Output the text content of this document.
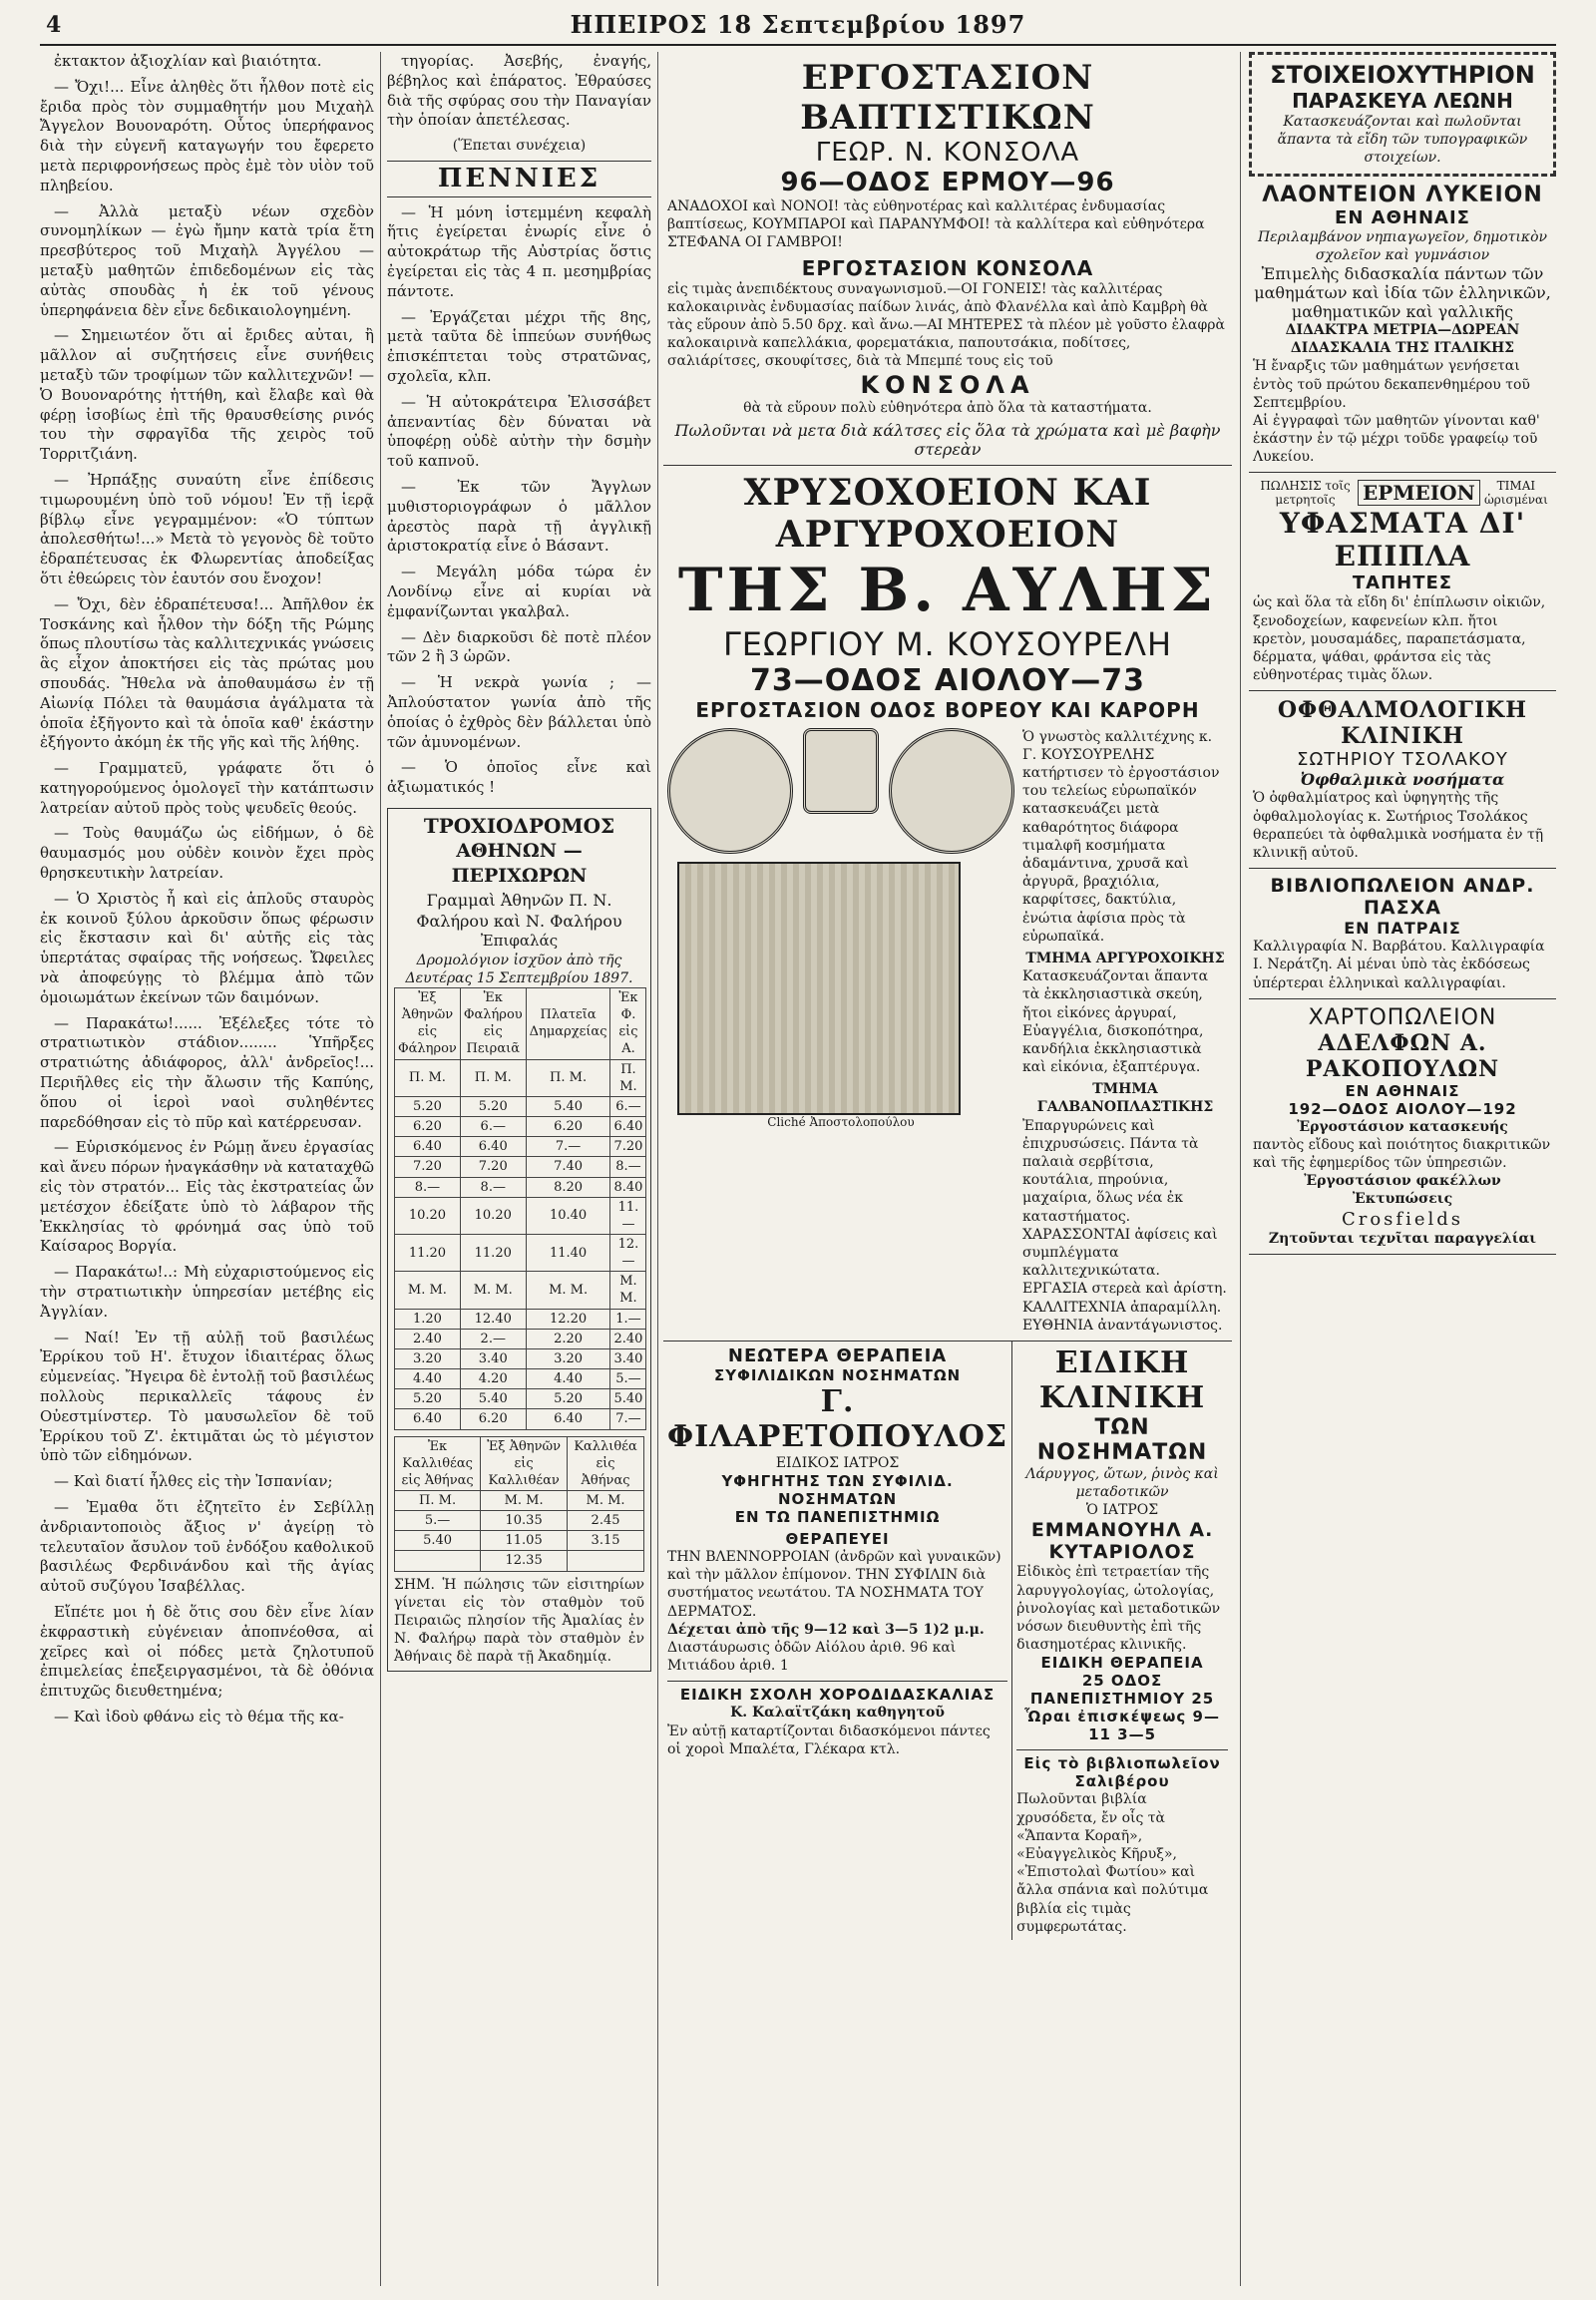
4	ΗΠΕΙΡΟΣ 18 Σεπτεμβρίου 1897

ἐκτακτον ἀξιοχλίαν καὶ βιαιότητα.

— Ὄχι!... Εἶνε ἀληθὲς ὅτι ἦλθον ποτὲ εἰς ἔριδα πρὸς τὸν συμμαθητήν μου Μιχαὴλ Ἄγγελον Βουοναρότη. Οὗτος ὑπερήφανος διὰ τὴν εὐγενῆ καταγωγήν του ἔφερετο μετὰ περιφρονήσεως πρὸς ἐμὲ τὸν υἱὸν τοῦ πληβείου.

— Ἀλλὰ μεταξὺ νέων σχεδὸν συνομηλίκων — ἐγὼ ἤμην κατὰ τρία ἔτη πρεσβύτερος τοῦ Μιχαὴλ Ἀγγέλου — μεταξὺ μαθητῶν ἐπιδεδομένων εἰς τὰς αὐτὰς σπουδὰς ἡ ἐκ τοῦ γένους ὑπερηφάνεια δὲν εἶνε δεδικαιολογημένη.

— Σημειωτέον ὅτι αἱ ἔριδες αὐται, ἢ μᾶλλον αἱ συζητήσεις εἶνε συνήθεις μεταξὺ τῶν τροφίμων τῶν καλλιτεχνῶν! — Ὁ Βουοναρότης ἡττήθη, καὶ ἔλαβε καὶ θὰ φέρῃ ἰσοβίως ἐπὶ τῆς θραυσθείσης ρινός του τὴν σφραγῖδα τῆς χειρὸς τοῦ Τορριτζιάνη.

— Ἠρπάξῃς συναύτη εἶνε ἐπίδεσις τιμωρουμένη ὑπὸ τοῦ νόμου! Ἐν τῇ ἱερᾷ βίβλῳ εἶνε γεγραμμένον: «Ὁ τύπτων ἀπολεσθήτω!...» Μετὰ τὸ γεγονὸς δὲ τοῦτο ἐδραπέτευσας ἐκ Φλωρεντίας ἀποδείξας ὅτι ἐθεώρεις τὸν ἑαυτόν σου ἔνοχον!

— Ὄχι, δὲν ἐδραπέτευσα!... Ἀπῆλθον ἐκ Τοσκάνης καὶ ἦλθον τὴν δόξη τῆς Ρώμης ὅπως πλουτίσω τὰς καλλιτεχνικάς γνώσεις ἃς εἶχον ἀποκτήσει εἰς τὰς πρώτας μου σπουδάς. Ἤθελα νὰ ἀποθαυμάσω ἐν τῇ Αἰωνίᾳ Πόλει τὰ θαυμάσια ἀγάλματα τὰ ὁποῖα ἐξῆγοντο καὶ τὰ ὁποῖα καθ' ἑκάστην ἐξήγοντο ἀκόμη ἐκ τῆς γῆς καὶ τῆς λήθης.

— Γραμματεῦ, γράφατε ὅτι ὁ κατηγορούμενος ὁμολογεῖ τὴν κατάπτωσιν λατρείαν αὐτοῦ πρὸς τοὺς ψευδεῖς θεούς.

— Τοὺς θαυμάζω ὡς εἰδήμων, ὁ δὲ θαυμασμός μου οὐδὲν κοινὸν ἔχει πρὸς θρησκευτικὴν λατρείαν.

— Ὁ Χριστὸς ἦ καὶ εἰς ἁπλοῦς σταυρὸς ἐκ κοινοῦ ξύλου ἀρκοῦσιν ὅπως φέρωσιν εἰς ἔκστασιν καὶ δι' αὐτῆς εἰς τὰς ὑπερτάτας σφαίρας τῆς νοήσεως. Ὤφειλες νὰ ἀποφεύγῃς τὸ βλέμμα ἀπὸ τῶν ὁμοιωμάτων ἐκείνων τῶν δαιμόνων.

— Παρακάτω!...... Ἐξέλεξες τότε τὸ στρατιωτικὸν στάδιον........ Ὑπῆρξες στρατιώτης ἀδιάφορος, ἀλλ' ἀνδρεῖος!... Περιῆλθες εἰς τὴν ἄλωσιν τῆς Καπύης, ὅπου οἱ ἱεροὶ ναοὶ συληθέντες παρεδόθησαν εἰς τὸ πῦρ καὶ κατέρρευσαν.

— Εὑρισκόμενος ἐν Ρώμῃ ἄνευ ἐργασίας καὶ ἄνευ πόρων ἠναγκάσθην νὰ καταταχθῶ εἰς τὸν στρατόν... Εἰς τὰς ἐκστρατείας ὧν μετέσχον ἐδείξατε ὑπὸ τὸ λάβαρον τῆς Ἐκκλησίας τὸ φρόνημά σας ὑπὸ τοῦ Καίσαρος Βοργία.

— Παρακάτω!..: Μὴ εὐχαριστούμενος εἰς τὴν στρατιωτικὴν ὑπηρεσίαν μετέβης εἰς Ἀγγλίαν.

— Ναί! Ἐν τῇ αὐλῇ τοῦ βασιλέως Ἐρρίκου τοῦ Η'. ἔτυχον ἰδιαιτέρας ὅλως εὐμενείας. Ἤγειρα δὲ ἐντολῇ τοῦ βασιλέως πολλοὺς περικαλλεῖς τάφους ἐν Οὐεστμίνστερ. Τὸ μαυσωλεῖον δὲ τοῦ Ἐρρίκου τοῦ Ζ'. ἐκτιμᾶται ὡς τὸ μέγιστον ὑπὸ τῶν εἰδημόνων.

— Καὶ διατί ἦλθες εἰς τὴν Ἰσπανίαν;

— Ἐμαθα ὅτι ἐζητεῖτο ἐν Σεβίλλῃ ἀνδριαντοποιὸς ἄξιος ν' ἀγείρῃ τὸ τελευταῖον ἄσυλον τοῦ ἐνδόξου καθολικοῦ βασιλέως Φερδινάνδου καὶ τῆς ἁγίας αὐτοῦ συζύγου Ἰσαβέλλας.

Εἴπέτε μοι ἡ δὲ ὅτις σου δὲν εἶνε λίαν ἐκφραστικὴ εὐγένειαν ἀποπνέοθσα, αἱ χεῖρες καὶ οἱ πόδες μετὰ ζηλοτυποῦ ἐπιμελείας ἐπεξειργασμένοι, τὰ δὲ ὀθόνια ἐπιτυχῶς διευθετημένα;

— Καὶ ἰδοὺ φθάνω εἰς τὸ θέμα τῆς κα-

τηγορίας. Ἀσεβής, ἐναγής, βέβηλος καὶ ἐπάρατος. Ἐθραύσες διὰ τῆς σφύρας σου τὴν Παναγίαν τὴν ὁποίαν ἀπετέλεσας.

(Ἕπεται συνέχεια)
ΠΕΝΝΙΕΣ

— Ἡ μόνη ἱστεμμένη κεφαλὴ ἥτις ἐγείρεται ἐνωρίς εἶνε ὁ αὐτοκράτωρ τῆς Αὐστρίας ὅστις ἐγείρεται εἰς τὰς 4 π. μεσημβρίας πάντοτε.

— Ἐργάζεται μέχρι τῆς 8ης, μετὰ ταῦτα δὲ ἱππεύων συνήθως ἐπισκέπτεται τοὺς στρατῶνας, σχολεῖα, κλπ.

— Ἡ αὐτοκράτειρα Ἐλισσάβετ ἀπεναντίας δὲν δύναται νὰ ὑποφέρῃ οὐδὲ αὐτὴν τὴν δσμὴν τοῦ καπνοῦ.

— Ἐκ τῶν Ἄγγλων μυθιστοριογράφων ὁ μᾶλλον ἀρεστὸς παρὰ τῇ ἀγγλικῇ ἀριστοκρατίᾳ εἶνε ὁ Βάσαντ.

— Μεγάλη μόδα τώρα ἐν Λονδίνῳ εἶνε αἱ κυρίαι νὰ ἐμφανίζωνται γκαλβαλ.

— Δὲν διαρκοῦσι δὲ ποτὲ πλέον τῶν 2 ἢ 3 ὡρῶν.

— Ἡ νεκρὰ γωνία ; — Ἀπλούστατον γωνία ἀπὸ τῆς ὁποίας ὁ ἐχθρὸς δὲν βάλλεται ὑπὸ τῶν ἀμυνομένων.

— Ὁ ὁποῖος εἶνε καὶ ἀξιωματικός !

ΤΡΟΧΙΟΔΡΟΜΟΣ
ΑΘΗΝΩΝ — ΠΕΡΙΧΩΡΩΝ
Γραμμαὶ Ἀθηνῶν Π. Ν. Φαλήρου καὶ Ν. Φαλήρου
Ἐπιφαλάς
Δρομολόγιον ἰσχῦον ἀπὸ τῆς Δευτέρας 15 Σεπτεμβρίου 1897.
Ἐξ Ἀθηνῶν εἰς Φάληρον	Ἐκ Φαλήρου εἰς Πειραιᾶ	Πλατεῖα Δημαρχείας	Ἐκ Φ. εἰς Α.
Π. Μ.	Π. Μ.	Π. Μ.	Π. Μ.
5.20	5.20	5.40	6.—
6.20	6.—	6.20	6.40
6.40	6.40	7.—	7.20
7.20	7.20	7.40	8.—
8.—	8.—	8.20	8.40
10.20	10.20	10.40	11.—
11.20	11.20	11.40	12.—
Μ. Μ.	Μ. Μ.	Μ. Μ.	Μ. Μ.
1.20	12.40	12.20	1.—
2.40	2.—	2.20	2.40
3.20	3.40	3.20	3.40
4.40	4.20	4.40	5.—
5.20	5.40	5.20	5.40
6.40	6.20	6.40	7.—
Ἐκ Καλλιθέας εἰς Ἀθήνας	Ἐξ Ἀθηνῶν εἰς Καλλιθέαν	Καλλιθέα εἰς Ἀθήνας
Π. Μ.	Μ. Μ.	Μ. Μ.
5.—	10.35	2.45
5.40	11.05	3.15
	12.35	
ΣΗΜ. Ἡ πώλησις τῶν εἰσιτηρίων γίνεται εἰς τὸν σταθμὸν τοῦ Πειραιῶς πλησίον τῆς Ἀμαλίας ἐν Ν. Φαλήρῳ παρὰ τὸν σταθμὸν ἐν Ἀθήναις δὲ παρὰ τῇ Ἀκαδημίᾳ.
ΕΡΓΟΣΤΑΣΙΟΝ ΒΑΠΤΙΣΤΙΚΩΝ
ΓΕΩΡ. Ν. ΚΟΝΣΟΛΑ
96—ΟΔΟΣ ΕΡΜΟΥ—96
ΑΝΑΔΟΧΟΙ καὶ ΝΟΝΟΙ! τὰς εὐθηνοτέρας καὶ καλλιτέρας ἐνδυμασίας βαπτίσεως, ΚΟΥΜΠΑΡΟΙ καὶ ΠΑΡΑΝΥΜΦΟΙ! τὰ καλλίτερα καὶ εὐθηνότερα ΣΤΕΦΑΝΑ ΟΙ ΓΑΜΒΡΟΙ!
ΕΡΓΟΣΤΑΣΙΟΝ ΚΟΝΣΟΛΑ
εἰς τιμὰς ἀνεπιδέκτους συναγωνισμοῦ.—ΟΙ ΓΟΝΕΙΣ! τὰς καλλιτέρας καλοκαιρινὰς ἐνδυμασίας παίδων λινάς, ἀπὸ Φλανέλλα καὶ ἀπὸ Καμβρὴ θὰ τὰς εὕρουν ἀπὸ 5.50 δρχ. καὶ ἄνω.—ΑΙ ΜΗΤΕΡΕΣ τὰ πλέον μὲ γοῦστο ἐλαφρὰ καλοκαιρινὰ καπελλάκια, φορεματάκια, παπουτσάκια, ποδίτσες, σαλιάρίτσες, σκουφίτσες, διὰ τὰ Μπεμπέ τους εἰς τοῦ
ΚΟΝΣΟΛΑ
θὰ τὰ εὕρουν πολὺ εὐθηνότερα ἀπὸ ὅλα τὰ καταστήματα.
Πωλοῦνται νὰ μετα διὰ κάλτσες εἰς ὅλα τὰ χρώματα καὶ μὲ βαφὴν στερεὰν
ΧΡΥΣΟΧΟΕΙΟΝ ΚΑΙ ΑΡΓΥΡΟΧΟΕΙΟΝ
ΤΗΣ Β. ΑΥΛΗΣ
ΓΕΩΡΓΙΟΥ Μ. ΚΟΥΣΟΥΡΕΛΗ
73—ΟΔΟΣ ΑΙΟΛΟΥ—73
ΕΡΓΟΣΤΑΣΙΟΝ ΟΔΟΣ ΒΟΡΕΟΥ ΚΑΙ ΚΑΡΟΡΗ
Cliché Ἀποστολοπούλου
Ὁ γνωστὸς καλλιτέχνης κ. Γ. ΚΟΥΣΟΥΡΕΛΗΣ κατήρτισεν τὸ ἐργοστάσιον του τελείως εὐρωπαϊκόν κατασκευάζει μετὰ καθαρότητος διάφορα τιμαλφῆ κοσμήματα ἀδαμάντινα, χρυσᾶ καὶ ἀργυρᾶ, βραχιόλια, καρφίτσες, δακτύλια, ἐνώτια ἀφίσια πρὸς τὰ εὐρωπαϊκά.
ΤΜΗΜΑ ΑΡΓΥΡΟΧΟΙΚΗΣ
Κατασκευάζονται ἅπαντα τὰ ἐκκλησιαστικὰ σκεύη, ἤτοι εἰκόνες ἀργυραί, Εὐαγγέλια, δισκοπότηρα, κανδήλια ἐκκλησιαστικὰ καὶ εἰκόνια, ἐξαπτέρυγα.
ΤΜΗΜΑ ΓΑΛΒΑΝΟΠΛΑΣΤΙΚΗΣ
Ἐπαργυρώνεις καὶ ἐπιχρυσώσεις. Πάντα τὰ παλαιὰ σερβίτσια, κουτάλια, πηρούνια, μαχαίρια, ὅλως νέα ἐκ καταστήματος.
ΧΑΡΑΣΣΟΝΤΑΙ ἀφίσεις καὶ συμπλέγματα καλλιτεχνικώτατα.
ΕΡΓΑΣΙΑ στερεὰ καὶ ἀρίστη. ΚΑΛΛΙΤΕΧΝΙΑ ἀπαραμίλλη. ΕΥΘΗΝΙΑ ἀναντάγωνιστος.
ΝΕΩΤΕΡΑ ΘΕΡΑΠΕΙΑ
ΣΥΦΙΛΙΔΙΚΩΝ ΝΟΣΗΜΑΤΩΝ
Γ. ΦΙΛΑΡΕΤΟΠΟΥΛΟΣ
ΕΙΔΙΚΟΣ ΙΑΤΡΟΣ
ΥΦΗΓΗΤΗΣ ΤΩΝ ΣΥΦΙΛΙΔ. ΝΟΣΗΜΑΤΩΝ
ΕΝ ΤΩ ΠΑΝΕΠΙΣΤΗΜΙΩ
ΘΕΡΑΠΕΥΕΙ
ΤΗΝ ΒΛΕΝΝΟΡΡΟΙΑΝ (ἀνδρῶν καὶ γυναικῶν) καὶ τὴν μᾶλλον ἐπίμονον. ΤΗΝ ΣΥΦΙΛΙΝ διὰ συστήματος νεωτάτου. ΤΑ ΝΟΣΗΜΑΤΑ ΤΟΥ ΔΕΡΜΑΤΟΣ.
Δέχεται ἀπὸ τῆς 9—12 καὶ 3—5 1)2 μ.μ.
Διαστάυρωσις ὁδῶν Αἰόλου ἀριθ. 96 καὶ Μιτιάδου ἀριθ. 1
ΕΙΔΙΚΗ ΣΧΟΛΗ ΧΟΡΟΔΙΔΑΣΚΑΛΙΑΣ
Κ. Καλαϊτζάκη καθηγητοῦ
Ἐν αὐτῇ καταρτίζονται διδασκόμενοι πάντες οἱ χοροὶ Μπαλέτα, Γλέκαρα κτλ.
ΕΙΔΙΚΗ ΚΛΙΝΙΚΗ
ΤΩΝ ΝΟΣΗΜΑΤΩΝ
Λάρυγγος, ὤτων, ῥινὸς καὶ μεταδοτικῶν
Ὁ ΙΑΤΡΟΣ
ΕΜΜΑΝΟΥΗΛ Α. ΚΥΤΑΡΙΟΛΟΣ
Εἰδικὸς ἐπὶ τετραετίαν τῆς λαρυγγολογίας, ὠτολογίας, ῥινολογίας καὶ μεταδοτικῶν νόσων διευθυντὴς ἐπὶ τῆς διασημοτέρας κλινικῆς.
ΕΙΔΙΚΗ ΘΕΡΑΠΕΙΑ
25 ΟΔΟΣ ΠΑΝΕΠΙΣΤΗΜΙΟΥ 25
Ὧραι ἐπισκέψεως 9—11 3—5
Εἰς τὸ βιβλιοπωλεῖον Σαλιβέρου
Πωλοῦνται βιβλία χρυσόδετα, ἔν οἷς τὰ «Ἅπαντα Κοραῆ», «Εὐαγγελικὸς Κῆρυξ», «Ἐπιστολαὶ Φωτίου» καὶ ἄλλα σπάνια καὶ πολύτιμα βιβλία εἰς τιμὰς συμφερωτάτας.
ΣΤΟΙΧΕΙΟΧΥΤΗΡΙΟΝ
ΠΑΡΑΣΚΕΥΑ ΛΕΩΝΗ
Κατασκευάζονται καὶ πωλοῦνται ἅπαντα τὰ εἴδη τῶν τυπογραφικῶν στοιχείων.
ΛΑΟΝΤΕΙΟΝ ΛΥΚΕΙΟΝ
ΕΝ ΑΘΗΝΑΙΣ
Περιλαμβάνον νηπιαγωγεῖον, δημοτικὸν σχολεῖον καὶ γυμνάσιον
Ἐπιμελὴς διδασκαλία πάντων τῶν μαθημάτων καὶ ἰδία τῶν ἑλληνικῶν, μαθηματικῶν καὶ γαλλικῆς
ΔΙΔΑΚΤΡΑ ΜΕΤΡΙΑ—ΔΩΡΕΑΝ ΔΙΔΑΣΚΑΛΙΑ ΤΗΣ ΙΤΑΛΙΚΗΣ
Ἡ ἔναρξις τῶν μαθημάτων γενήσεται ἐντὸς τοῦ πρώτου δεκαπενθημέρου τοῦ Σεπτεμβρίου.
Αἱ ἐγγραφαὶ τῶν μαθητῶν γίνονται καθ' ἑκάστην ἐν τῷ μέχρι τοῦδε γραφείῳ τοῦ Λυκείου.
ΠΩΛΗΣΙΣ τοῖς μετρητοῖς	ΕΡΜΕΙΟΝ	ΤΙΜΑΙ ὡρισμέναι
ΥΦΑΣΜΑΤΑ ΔΙ' ΕΠΙΠΛΑ
ΤΑΠΗΤΕΣ
ὡς καὶ ὅλα τὰ εἴδη δι' ἐπίπλωσιν οἰκιῶν, ξενοδοχείων, καφενείων κλπ. ἤτοι κρετὸν, μουσαμάδες, παραπετάσματα, δέρματα, ψάθαι, φράντσα εἰς τὰς εὐθηνοτέρας τιμὰς ὅλων.
ΟΦΘΑΛΜΟΛΟΓΙΚΗ ΚΛΙΝΙΚΗ
ΣΩΤΗΡΙΟΥ ΤΣΟΛΑΚΟΥ
Ὀφθαλμικὰ νοσήματα
Ὁ ὀφθαλμίατρος καὶ ὑφηγητὴς τῆς ὀφθαλμολογίας κ. Σωτήριος Τσολάκος θεραπεύει τὰ ὀφθαλμικὰ νοσήματα ἐν τῇ κλινικῇ αὐτοῦ.
ΒΙΒΛΙΟΠΩΛΕΙΟΝ ΑΝΔΡ. ΠΑΣΧΑ
ΕΝ ΠΑΤΡΑΙΣ
Καλλιγραφία Ν. Βαρβάτου. Καλλιγραφία Ι. Νεράτζη. Αἱ μέναι ὑπὸ τὰς ἐκδόσεως ὑπέρτεραι ἑλληνικαὶ καλλιγραφίαι.
ΧΑΡΤΟΠΩΛΕΙΟΝ
ΑΔΕΛΦΩΝ Α. ΡΑΚΟΠΟΥΛΩΝ
ΕΝ ΑΘΗΝΑΙΣ
192—ΟΔΟΣ ΑΙΟΛΟΥ—192
Ἐργοστάσιον κατασκευής
παντὸς εἴδους καὶ ποιότητος διακριτικῶν καὶ τῆς ἐφημερίδος τῶν ὑπηρεσιῶν.
Ἐργοστάσιον φακέλλων
Ἐκτυπώσεις
Crosfields
Ζητοῦνται τεχνῖται παραγγελίαι
